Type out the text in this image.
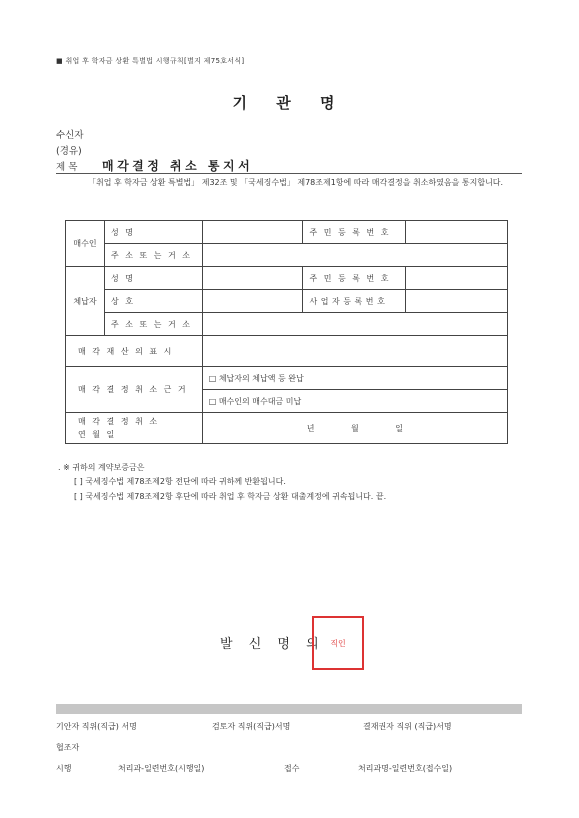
■ 취업 후 학자금 상환 특별법 시행규칙[별지 제75호서식]
기 관 명
수신자
(경유)
제 목 매각결정 취소 통지서
「취업 후 학자금 상환 특별법」 제32조 및 「국세징수법」 제78조제1항에 따라 매각결정을 취소하였음을 통지합니다.
매수인	성 명		주 민 등 록 번 호	
	주 소 또 는 거 소			
체납자	성 명		주 민 등 록 번 호	
	상 호		사 업 자 등 록 번 호	
	주 소 또 는 거 소			
매 각 재 산 의 표 시				
매 각 결 정 취 소 근 거		□ 체납자의 체납액 등 완납		
		□ 매수인의 매수대금 미납		

매 각 결 정 취 소
연 월 일		년 월 일		
. ※ 귀하의 계약보증금은
[ ] 국세징수법 제78조제2항 전단에 따라 귀하께 반환됩니다.
[ ] 국세징수법 제78조제2항 후단에 따라 취업 후 학자금 상환 대출계정에 귀속됩니다. 끝.
발 신 명 의 직인
기안자 직위(직급) 서명	검토자 직위(직급)서명	결재권자 직위 (직급)서명
협조자
시행	처리과-일련번호(시행일)	접수	처리과명-일련번호(접수일)
